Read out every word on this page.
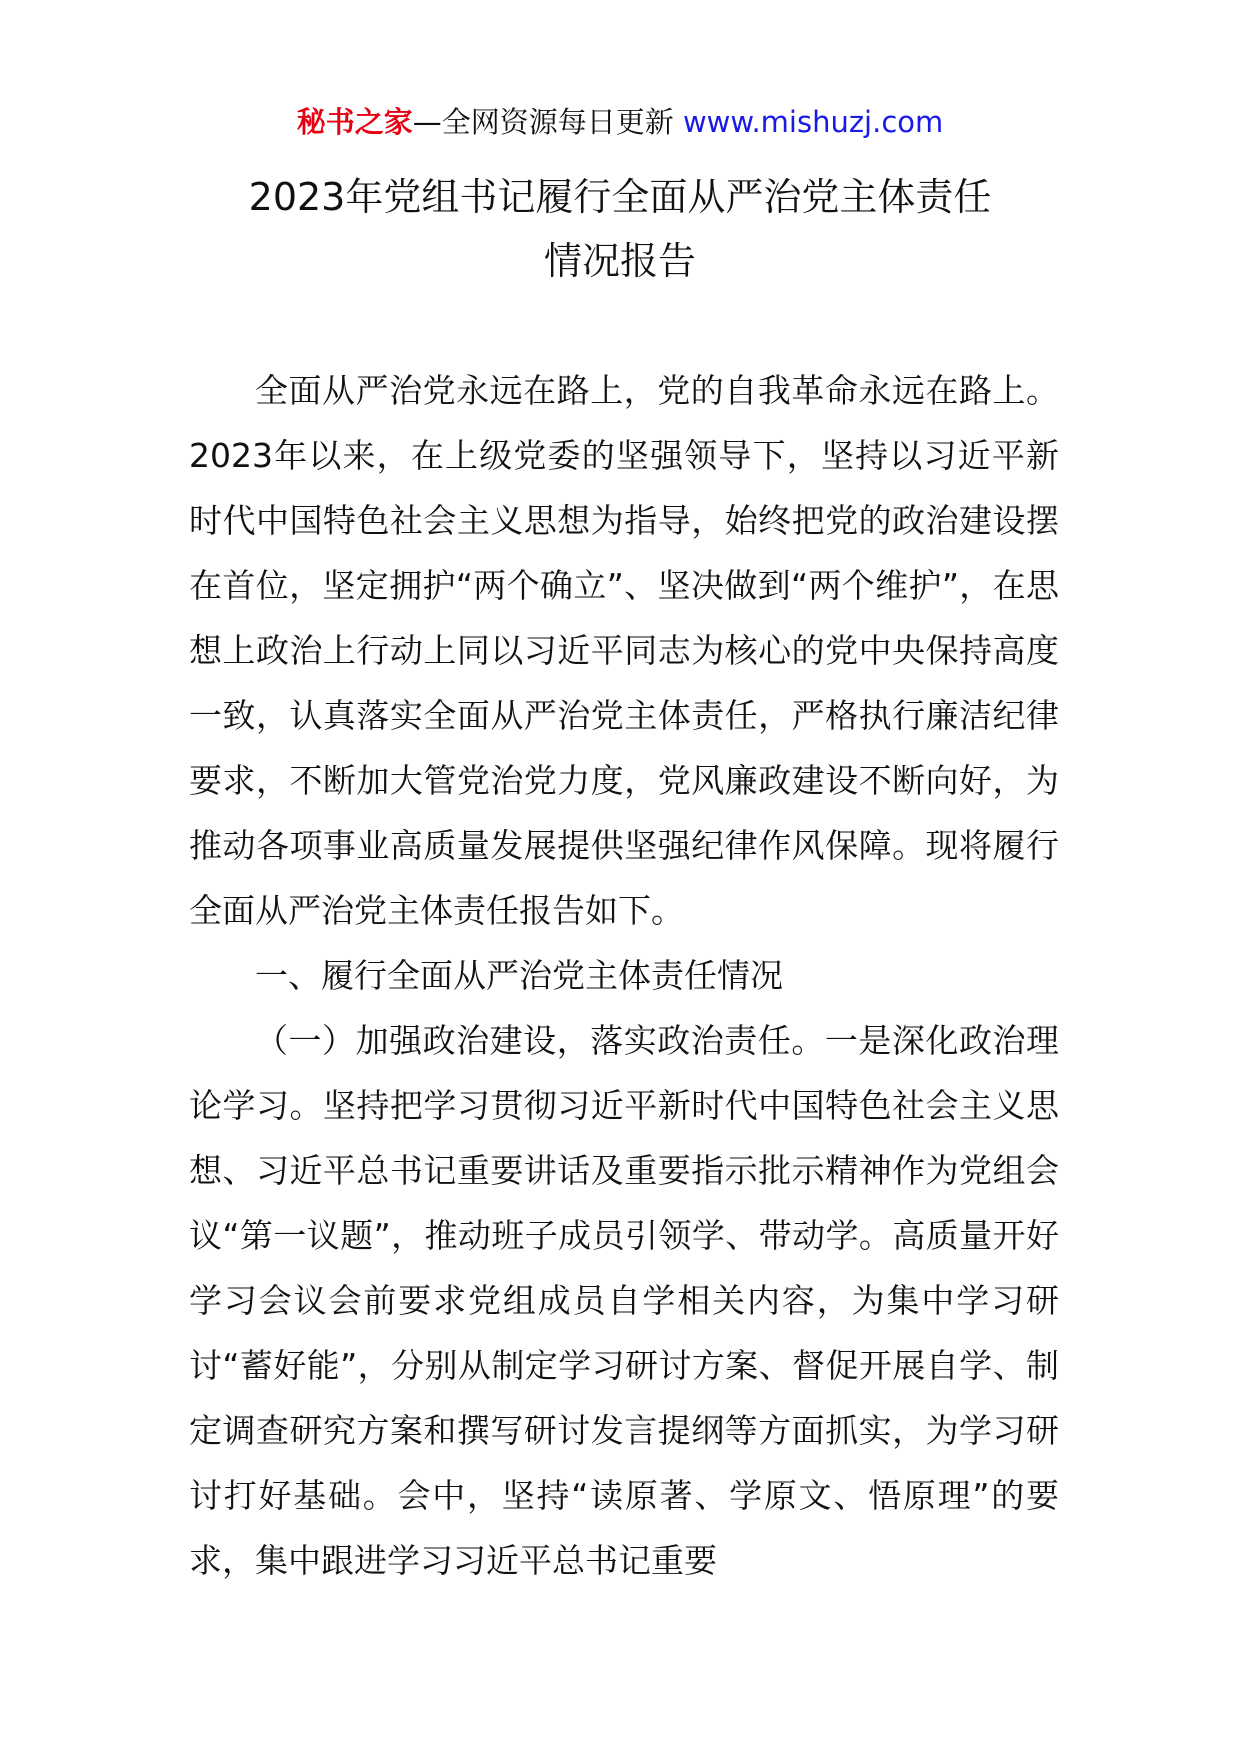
秘书之家—全网资源每日更新 www.mishuzj.com
2023年党组书记履行全面从严治党主体责任
情况报告

全面从严治党永远在路上，党的自我革命永远在路上。2023年以来，在上级党委的坚强领导下，坚持以习近平新时代中国特色社会主义思想为指导，始终把党的政治建设摆在首位，坚定拥护“两个确立”、坚决做到“两个维护”，在思想上政治上行动上同以习近平同志为核心的党中央保持高度一致，认真落实全面从严治党主体责任，严格执行廉洁纪律要求，不断加大管党治党力度，党风廉政建设不断向好，为推动各项事业高质量发展提供坚强纪律作风保障。现将履行全面从严治党主体责任报告如下。

一、履行全面从严治党主体责任情况

（一）加强政治建设，落实政治责任。一是深化政治理论学习。坚持把学习贯彻习近平新时代中国特色社会主义思想、习近平总书记重要讲话及重要指示批示精神作为党组会议“第一议题”，推动班子成员引领学、带动学。高质量开好学习会议会前要求党组成员自学相关内容，为集中学习研讨“蓄好能”，分别从制定学习研讨方案、督促开展自学、制定调查研究方案和撰写研讨发言提纲等方面抓实，为学习研讨打好基础。会中，坚持“读原著、学原文、悟原理”的要求，集中跟进学习习近平总书记重要
